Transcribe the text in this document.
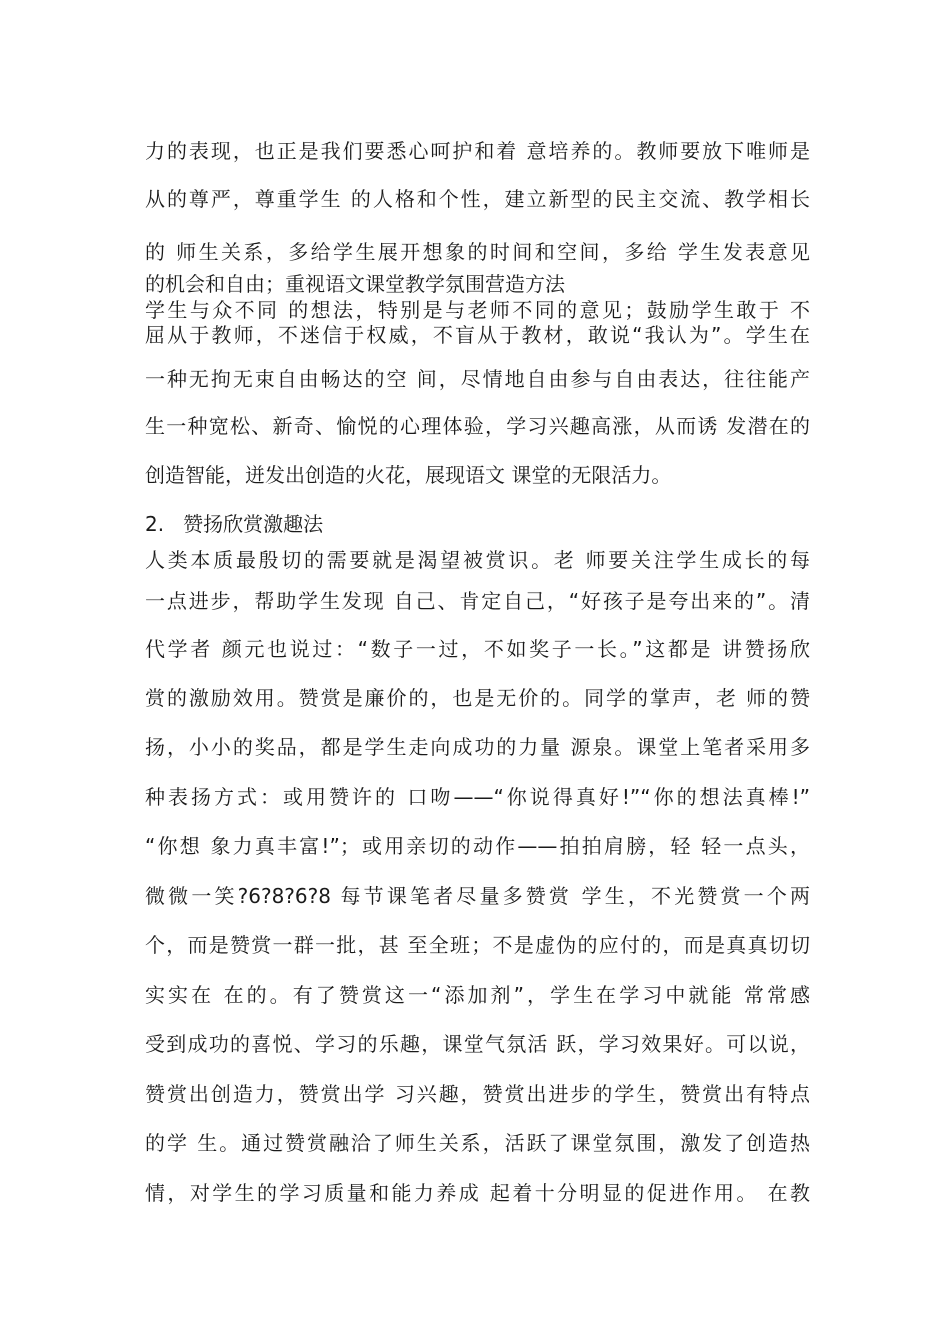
力的表现，也正是我们要悉心呵护和着 意培养的。教师要放下唯师是
从的尊严，尊重学生 的人格和个性，建立新型的民主交流、教学相长
的 师生关系，多给学生展开想象的时间和空间，多给 学生发表意见
的机会和自由；重视语文课堂教学氛围营造方法
学生与众不同 的想法，特别是与老师不同的意见；鼓励学生敢于 不
屈从于教师，不迷信于权威，不盲从于教材，敢说“我认为”。学生在
一种无拘无束自由畅达的空 间，尽情地自由参与自由表达，往往能产
生一种宽松、新奇、愉悦的心理体验，学习兴趣高涨，从而诱 发潜在的
创造智能，迸发出创造的火花，展现语文 课堂的无限活力。
2.   赞扬欣赏激趣法
人类本质最殷切的需要就是渴望被赏识。老 师要关注学生成长的每
一点进步，帮助学生发现 自己、肯定自己，“好孩子是夸出来的”。清
代学者 颜元也说过：“数子一过，不如奖子一长。”这都是 讲赞扬欣
赏的激励效用。赞赏是廉价的，也是无价的。同学的掌声，老 师的赞
扬，小小的奖品，都是学生走向成功的力量 源泉。课堂上笔者采用多
种表扬方式：或用赞许的 口吻——“你说得真好!”“你的想法真棒!”
“你想 象力真丰富!”；或用亲切的动作——拍拍肩膀，轻 轻一点头，
微微一笑?6?8?6?8 每节课笔者尽量多赞赏 学生，不光赞赏一个两
个，而是赞赏一群一批，甚 至全班；不是虚伪的应付的，而是真真切切
实实在 在的。有了赞赏这一“添加剂”，学生在学习中就能 常常感
受到成功的喜悦、学习的乐趣，课堂气氛活 跃，学习效果好。可以说，
赞赏出创造力，赞赏出学 习兴趣，赞赏出进步的学生，赞赏出有特点
的学 生。通过赞赏融洽了师生关系，活跃了课堂氛围，激发了创造热
情，对学生的学习质量和能力养成 起着十分明显的促进作用。 在教
